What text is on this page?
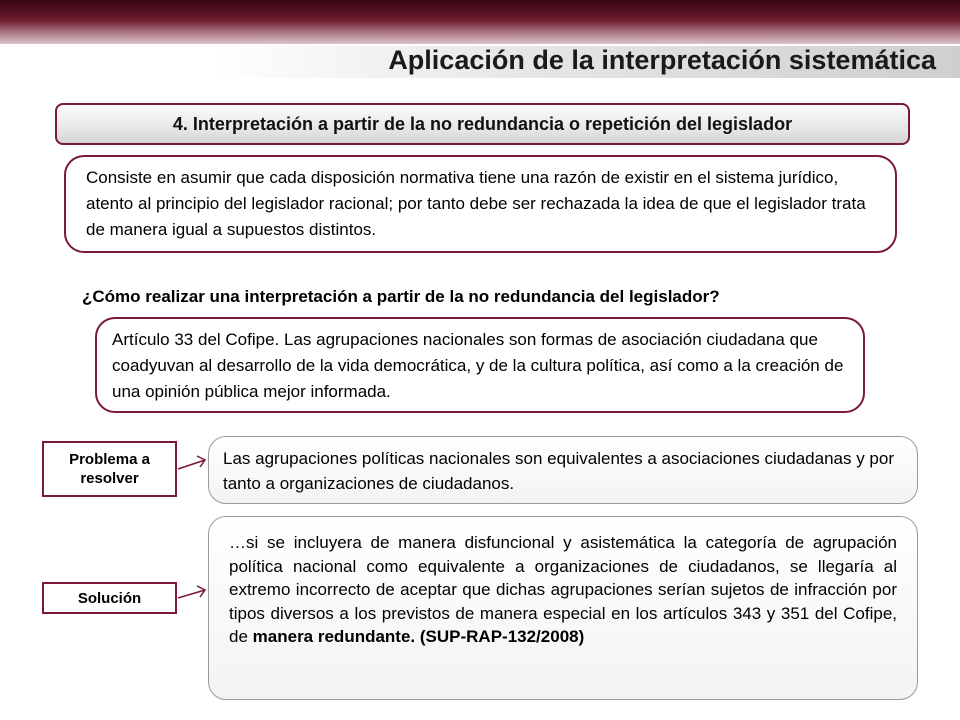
Aplicación de la interpretación sistemática
4. Interpretación a partir de la no redundancia o repetición del legislador
Consiste en asumir que cada disposición normativa tiene una razón de existir en el sistema jurídico, atento al principio del legislador racional; por tanto debe ser rechazada la idea de que el legislador trata de manera igual a supuestos distintos.
¿Cómo realizar una interpretación a partir de la no redundancia del legislador?
Artículo 33 del Cofipe. Las agrupaciones nacionales son formas de asociación ciudadana que coadyuvan al desarrollo de la vida democrática, y de la cultura política, así como a la creación de una opinión pública mejor informada.
Problema a resolver
Las agrupaciones políticas nacionales son equivalentes a asociaciones ciudadanas y por tanto a organizaciones de ciudadanos.
Solución
…si se incluyera de manera disfuncional y asistemática la categoría de agrupación política nacional como equivalente a organizaciones de ciudadanos, se llegaría al extremo incorrecto de aceptar que dichas agrupaciones serían sujetos de infracción por tipos diversos a los previstos de manera especial en los artículos 343 y 351 del Cofipe, de manera redundante. (SUP-RAP-132/2008)
